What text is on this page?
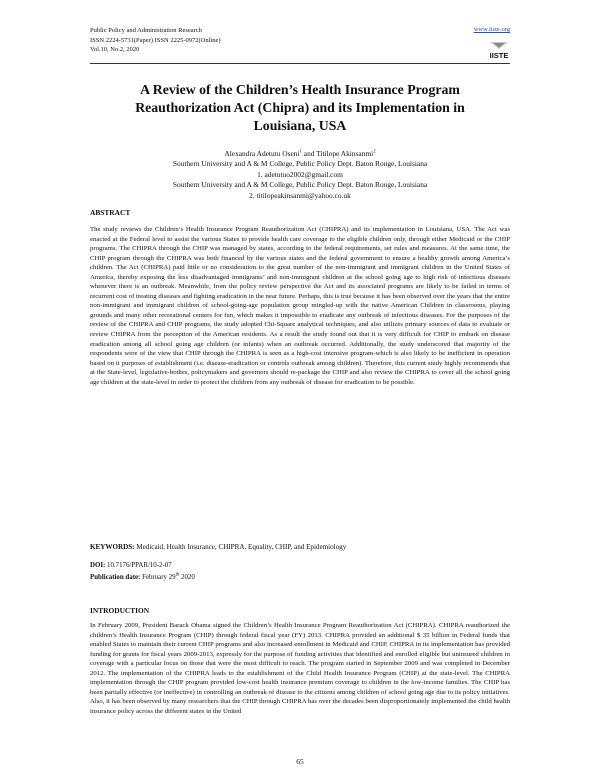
Public Policy and Administration Research
ISSN 2224-5731(Paper) ISSN 2225-0972(Online)
Vol.10, No.2, 2020
www.iiste.org
IISTE
A Review of the Children’s Health Insurance Program
Reauthorization Act (Chipra) and its Implementation in
Louisiana, USA
Alexandra Adetutu Oseni$^1$ and Titilope Akinsanmi$^2$
Southern University and A & M College, Public Policy Dept. Baton Rouge, Louisiana
1. adetutuo2002@gmail.com
Southern University and A & M College, Public Policy Dept. Baton Rouge, Louisiana
2. titilopeakinsanmi@yahoo.co.uk
ABSTRACT

The study reviews the Children’s Health Insurance Program Reauthorization Act (CHIPRA) and its implementation in Louisiana, USA. The Act was enacted at the Federal level to assist the various States to provide health care coverage to the eligible children only, through either Medicaid or the CHIP programs. The CHIPRA through the CHIP was managed by states, according to the federal requirements, set rules and measures. At the same time, the CHIP program through the CHIPRA was both financed by the various states and the federal government to ensure a healthy growth among America’s children. The Act (CHIPRA) paid little or no consideration to the great number of the non-immigrant and immigrant children in the United States of America, thereby exposing the less disadvantaged immigrants’ and non-immigrant children at the school going age to high risk of infectious diseases whenever there is an outbreak. Meanwhile, from the policy review perspective the Act and its associated programs are likely to be failed in terms of recurrent cost of treating diseases and fighting eradication in the near future. Perhaps, this is true because it has been observed over the years that the entire non-immigrant and immigrant children of school-going-age population group mingled-up with the native American Children in classrooms, playing grounds and many other recreational centers for fun, which makes it impossible to eradicate any outbreak of infectious diseases. For the purposes of the review of the CHIPRA and CHIP programs, the study adopted Chi-Square analytical techniques, and also utilizes primary sources of data to evaluate or review CHIPRA from the perception of the American residents. As a result the study found out that it is very difficult for CHIP to embark on disease eradication among all school going age children (or infants) when an outbreak occurred. Additionally, the study underscored that majority of the respondents were of the view that CHIP through the CHIPRA is seen as a high-cost intensive program-which is also likely to be inefficient in operation based on it purposes of establishment (i.e. disease-eradication or controls outbreak among children). Therefore, this current study highly recommends that at the State-level, legislative-bodies, policymakers and governors should re-package the CHIP and also review the CHIPRA to cover all the school going age children at the state-level in order to protect the children from any outbreak of disease for eradication to be possible.

KEYWORDS: Medicaid, Health Insurance, CHIPRA, Equality, CHIP, and Epidemiology
DOI: 10.7176/PPAR/10-2-07
Publication date: February 29th 2020
INTRODUCTION

In February 2009, President Barack Obama signed the Children’s Health Insurance Program Reauthorization Act (CHIPRA). CHIPRA reauthorized the children’s Health Insurance Program (CHIP) through federal fiscal year (FY) 2013. CHIPRA provided an additional $ 35 billion in Federal funds that enabled States to maintain their current CHIP programs and also increased enrollment in Medicaid and CHIP. CHIPRA in its implementation has provided funding for grants for fiscal years 2009-2013, expressly for the purpose of funding activities that identified and enrolled eligible but uninsured children in coverage with a particular focus on those that were the most difficult to reach. The program started in September 2009 and was completed in December 2012. The implementation of the CHIPRA leads to the establishment of the Child Health Insurance Program (CHIP) at the state-level. The CHIPRA implementation through the CHIP program provided low-cost health insurance premium coverage to children in the low-income families. The CHIP has been partially effective (or ineffective) in controlling an outbreak of disease to the citizens among children of school going age due to its policy initiatives. Also, it has been observed by many researchers that the CHIP through CHIPRA has over the decades been disproportionately implemented the child health insurance policy across the different states in the United

65
